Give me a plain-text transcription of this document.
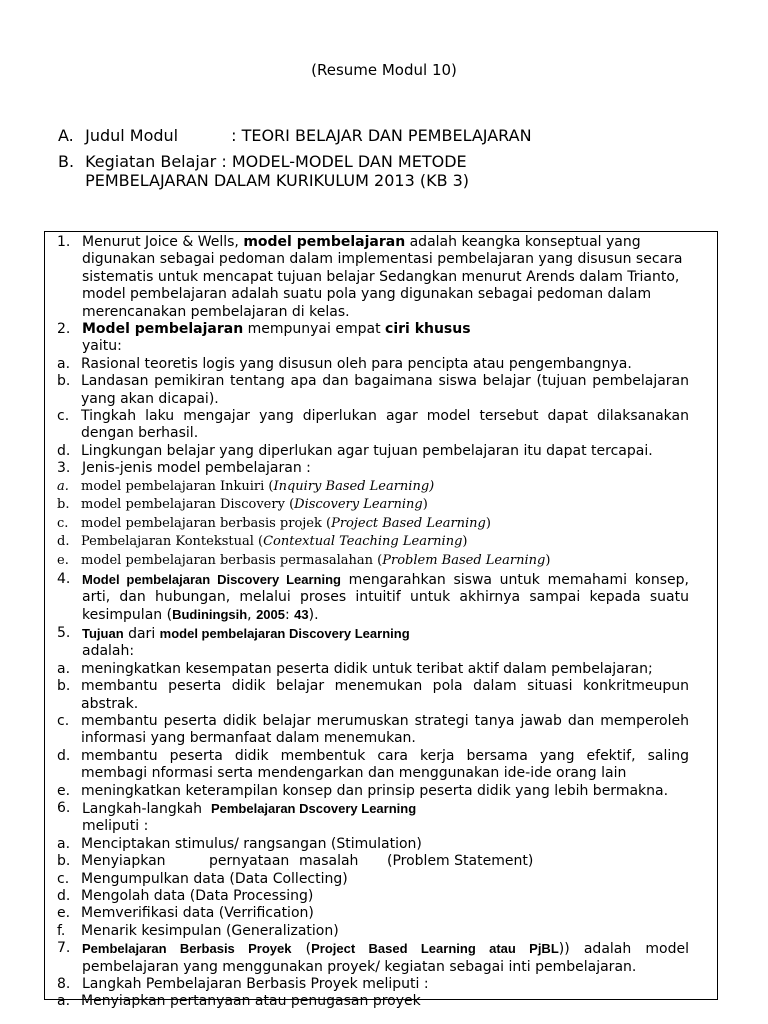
(Resume Modul 10)
A. Judul Modul	: TEORI BELAJAR DAN PEMBELAJARAN
B. Kegiatan Belajar : MODEL-MODEL DAN METODE
PEMBELAJARAN DALAM KURIKULUM 2013 (KB 3)
1. Menurut Joice & Wells, model pembelajaran adalah keangka konseptual yang digunakan sebagai pedoman dalam implementasi pembelajaran yang disusun secara sistematis untuk mencapat tujuan belajar Sedangkan menurut Arends dalam Trianto, model pembelajaran adalah suatu pola yang digunakan sebagai pedoman dalam merencanakan pembelajaran di kelas.
2. Model pembelajaran mempunyai empat ciri khusus
yaitu:
a. Rasional teoretis logis yang disusun oleh para pencipta atau pengembangnya.
b. Landasan pemikiran tentang apa dan bagaimana siswa belajar (tujuan pembelajaran yang akan dicapai).
c. Tingkah laku mengajar yang diperlukan agar model tersebut dapat dilaksanakan dengan berhasil.
d. Lingkungan belajar yang diperlukan agar tujuan pembelajaran itu dapat tercapai.
3. Jenis-jenis model pembelajaran :
a. model pembelajaran Inkuiri (Inquiry Based Learning)
b. model pembelajaran Discovery (Discovery Learning)
c. model pembelajaran berbasis projek (Project Based Learning)
d. Pembelajaran Kontekstual (Contextual Teaching Learning)
e. model pembelajaran berbasis permasalahan (Problem Based Learning)
4. Model pembelajaran Discovery Learning mengarahkan siswa untuk memahami konsep, arti, dan hubungan, melalui proses intuitif untuk akhirnya sampai kepada suatu kesimpulan (Budiningsih, 2005: 43).
5. Tujuan dari model pembelajaran Discovery Learning
adalah:
a. meningkatkan kesempatan peserta didik untuk teribat aktif dalam pembelajaran;
b. membantu peserta didik belajar menemukan pola dalam situasi konkritmeupun abstrak.
c. membantu peserta didik belajar merumuskan strategi tanya jawab dan memperoleh informasi yang bermanfaat dalam menemukan.
d. membantu peserta didik membentuk cara kerja bersama yang efektif, saling membagi nformasi serta mendengarkan dan menggunakan ide-ide orang lain
e. meningkatkan keterampilan konsep dan prinsip peserta didik yang lebih bermakna.
6. Langkah-langkah  Pembelajaran Dscovery Learning
meliputi :
a. Menciptakan stimulus/ rangsangan (Stimulation)
b. Menyiapkan	pernyataan masalah (Problem Statement)
c. Mengumpulkan data (Data Collecting)
d. Mengolah data (Data Processing)
e. Memverifikasi data (Verrification)
f.	Menarik kesimpulan (Generalization)
7. Pembelajaran Berbasis Proyek (Project Based Learning atau PjBL)) adalah model pembelajaran yang menggunakan proyek/ kegiatan sebagai inti pembelajaran.
8. Langkah Pembelajaran Berbasis Proyek meliputi :
a. Menyiapkan pertanyaan atau penugasan proyek
